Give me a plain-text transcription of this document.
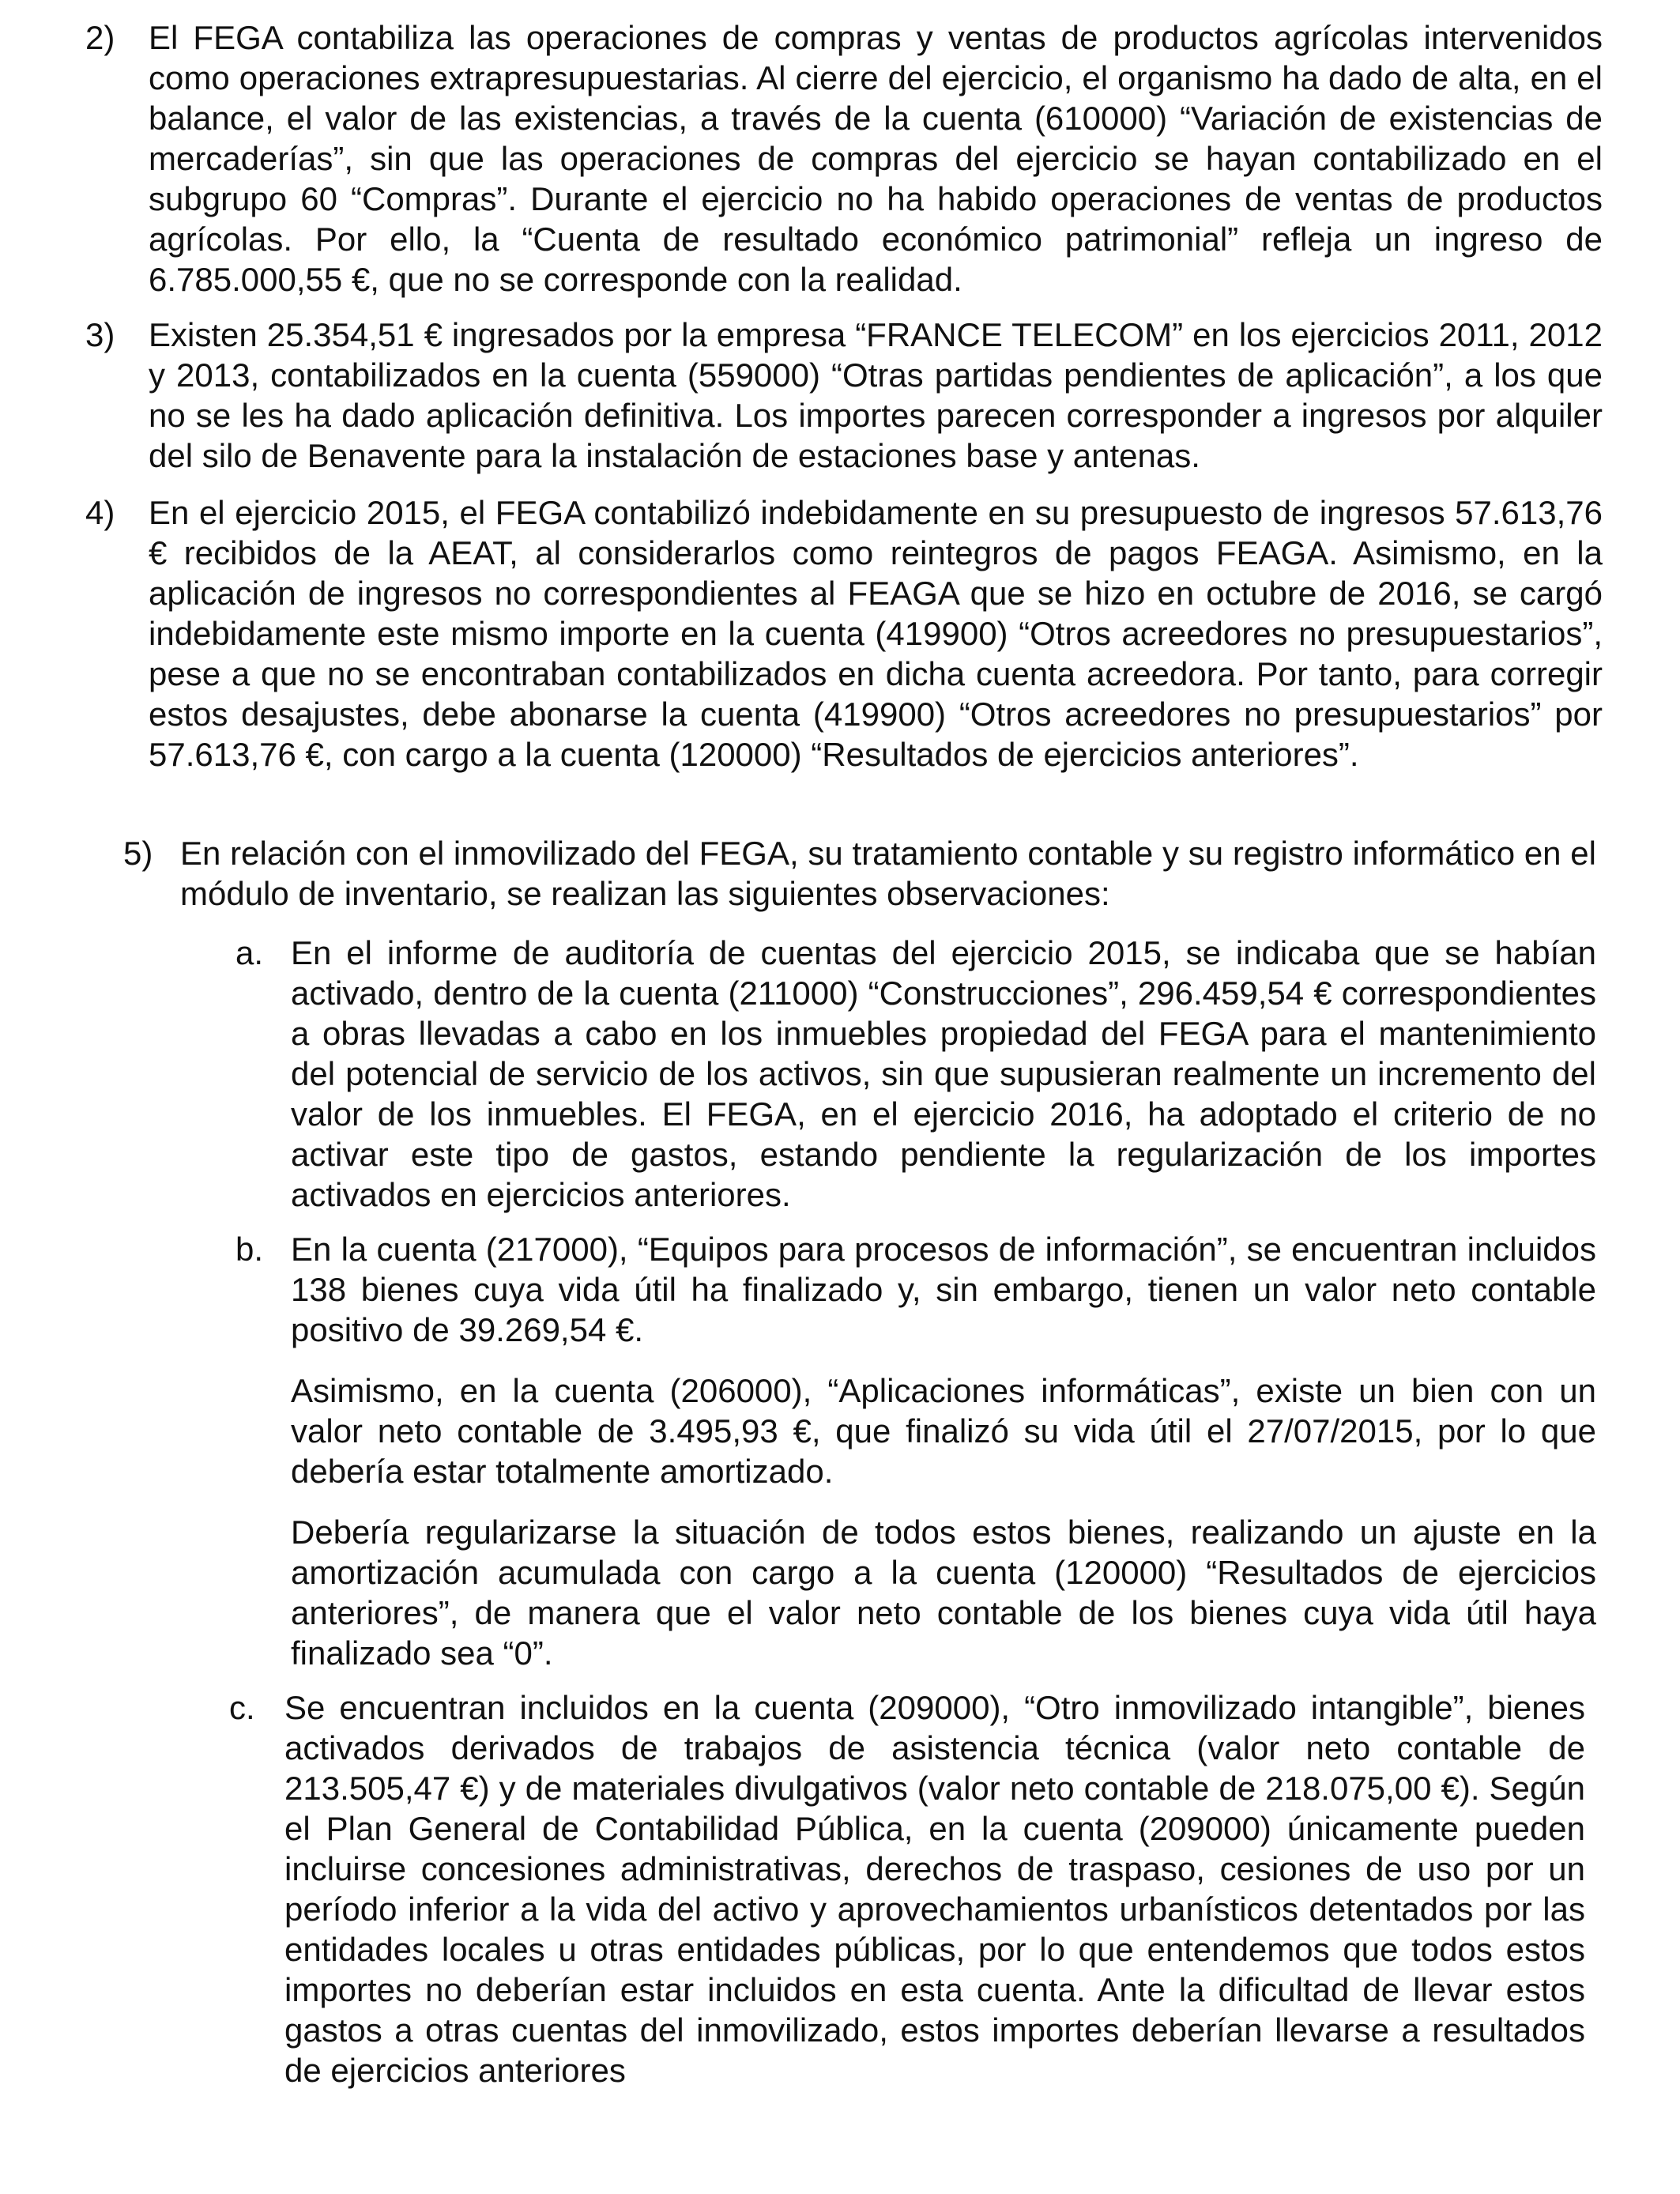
2) El FEGA contabiliza las operaciones de compras y ventas de productos agrícolas intervenidos como operaciones extrapresupuestarias. Al cierre del ejercicio, el organismo ha dado de alta, en el balance, el valor de las existencias, a través de la cuenta (610000) “Variación de existencias de mercaderías”, sin que las operaciones de compras del ejercicio se hayan contabilizado en el subgrupo 60 “Compras”. Durante el ejercicio no ha habido operaciones de ventas de productos agrícolas. Por ello, la “Cuenta de resultado económico patrimonial” refleja un ingreso de 6.785.000,55 €, que no se corresponde con la realidad.

3) Existen 25.354,51 € ingresados por la empresa “FRANCE TELECOM” en los ejercicios 2011, 2012 y 2013, contabilizados en la cuenta (559000) “Otras partidas pendientes de aplicación”, a los que no se les ha dado aplicación definitiva. Los importes parecen corresponder a ingresos por alquiler del silo de Benavente para la instalación de estaciones base y antenas.

4) En el ejercicio 2015, el FEGA contabilizó indebidamente en su presupuesto de ingresos 57.613,76 € recibidos de la AEAT, al considerarlos como reintegros de pagos FEAGA. Asimismo, en la aplicación de ingresos no correspondientes al FEAGA que se hizo en octubre de 2016, se cargó indebidamente este mismo importe en la cuenta (419900) “Otros acreedores no presupuestarios”, pese a que no se encontraban contabilizados en dicha cuenta acreedora. Por tanto, para corregir estos desajustes, debe abonarse la cuenta (419900) “Otros acreedores no presupuestarios” por 57.613,76 €, con cargo a la cuenta (120000) “Resultados de ejercicios anteriores”.

5) En relación con el inmovilizado del FEGA, su tratamiento contable y su registro informático en el módulo de inventario, se realizan las siguientes observaciones:

a. En el informe de auditoría de cuentas del ejercicio 2015, se indicaba que se habían activado, dentro de la cuenta (211000) “Construcciones”, 296.459,54 € correspondientes a obras llevadas a cabo en los inmuebles propiedad del FEGA para el mantenimiento del potencial de servicio de los activos, sin que supusieran realmente un incremento del valor de los inmuebles. El FEGA, en el ejercicio 2016, ha adoptado el criterio de no activar este tipo de gastos, estando pendiente la regularización de los importes activados en ejercicios anteriores.

b. En la cuenta (217000), “Equipos para procesos de información”, se encuentran incluidos 138 bienes cuya vida útil ha finalizado y, sin embargo, tienen un valor neto contable positivo de 39.269,54 €.

Asimismo, en la cuenta (206000), “Aplicaciones informáticas”, existe un bien con un valor neto contable de 3.495,93 €, que finalizó su vida útil el 27/07/2015, por lo que debería estar totalmente amortizado.

Debería regularizarse la situación de todos estos bienes, realizando un ajuste en la amortización acumulada con cargo a la cuenta (120000) “Resultados de ejercicios anteriores”, de manera que el valor neto contable de los bienes cuya vida útil haya finalizado sea “0”.

c. Se encuentran incluidos en la cuenta (209000), “Otro inmovilizado intangible”, bienes activados derivados de trabajos de asistencia técnica (valor neto contable de 213.505,47 €) y de materiales divulgativos (valor neto contable de 218.075,00 €). Según el Plan General de Contabilidad Pública, en la cuenta (209000) únicamente pueden incluirse concesiones administrativas, derechos de traspaso, cesiones de uso por un período inferior a la vida del activo y aprovechamientos urbanísticos detentados por las entidades locales u otras entidades públicas, por lo que entendemos que todos estos importes no deberían estar incluidos en esta cuenta. Ante la dificultad de llevar estos gastos a otras cuentas del inmovilizado, estos importes deberían llevarse a resultados de ejercicios anteriores
